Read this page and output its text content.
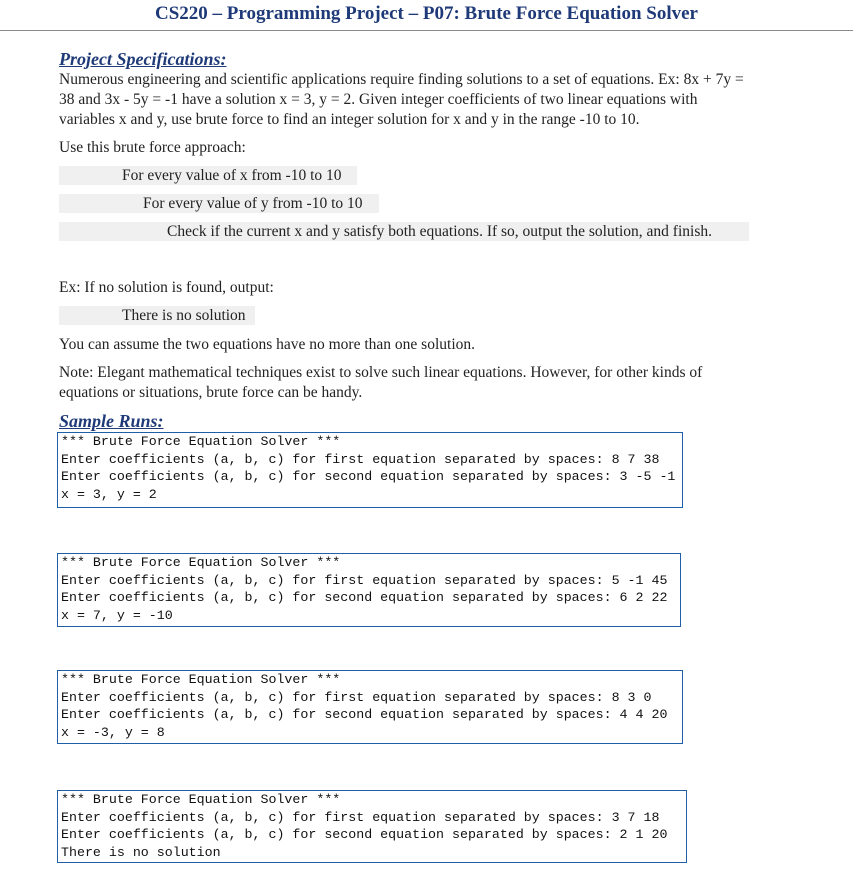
CS220 – Programming Project – P07: Brute Force Equation Solver
Project Specifications:
Numerous engineering and scientific applications require finding solutions to a set of equations. Ex: 8x + 7y =
38 and 3x - 5y = -1 have a solution x = 3, y = 2. Given integer coefficients of two linear equations with
variables x and y, use brute force to find an integer solution for x and y in the range -10 to 10.
Use this brute force approach:
For every value of x from -10 to 10
For every value of y from -10 to 10
Check if the current x and y satisfy both equations. If so, output the solution, and finish.
Ex: If no solution is found, output:
There is no solution
You can assume the two equations have no more than one solution.
Note: Elegant mathematical techniques exist to solve such linear equations. However, for other kinds of
equations or situations, brute force can be handy.
Sample Runs:
*** Brute Force Equation Solver ***
Enter coefficients (a, b, c) for first equation separated by spaces: 8 7 38
Enter coefficients (a, b, c) for second equation separated by spaces: 3 -5 -1
x = 3, y = 2
*** Brute Force Equation Solver ***
Enter coefficients (a, b, c) for first equation separated by spaces: 5 -1 45
Enter coefficients (a, b, c) for second equation separated by spaces: 6 2 22
x = 7, y = -10
*** Brute Force Equation Solver ***
Enter coefficients (a, b, c) for first equation separated by spaces: 8 3 0
Enter coefficients (a, b, c) for second equation separated by spaces: 4 4 20
x = -3, y = 8
*** Brute Force Equation Solver ***
Enter coefficients (a, b, c) for first equation separated by spaces: 3 7 18
Enter coefficients (a, b, c) for second equation separated by spaces: 2 1 20
There is no solution
